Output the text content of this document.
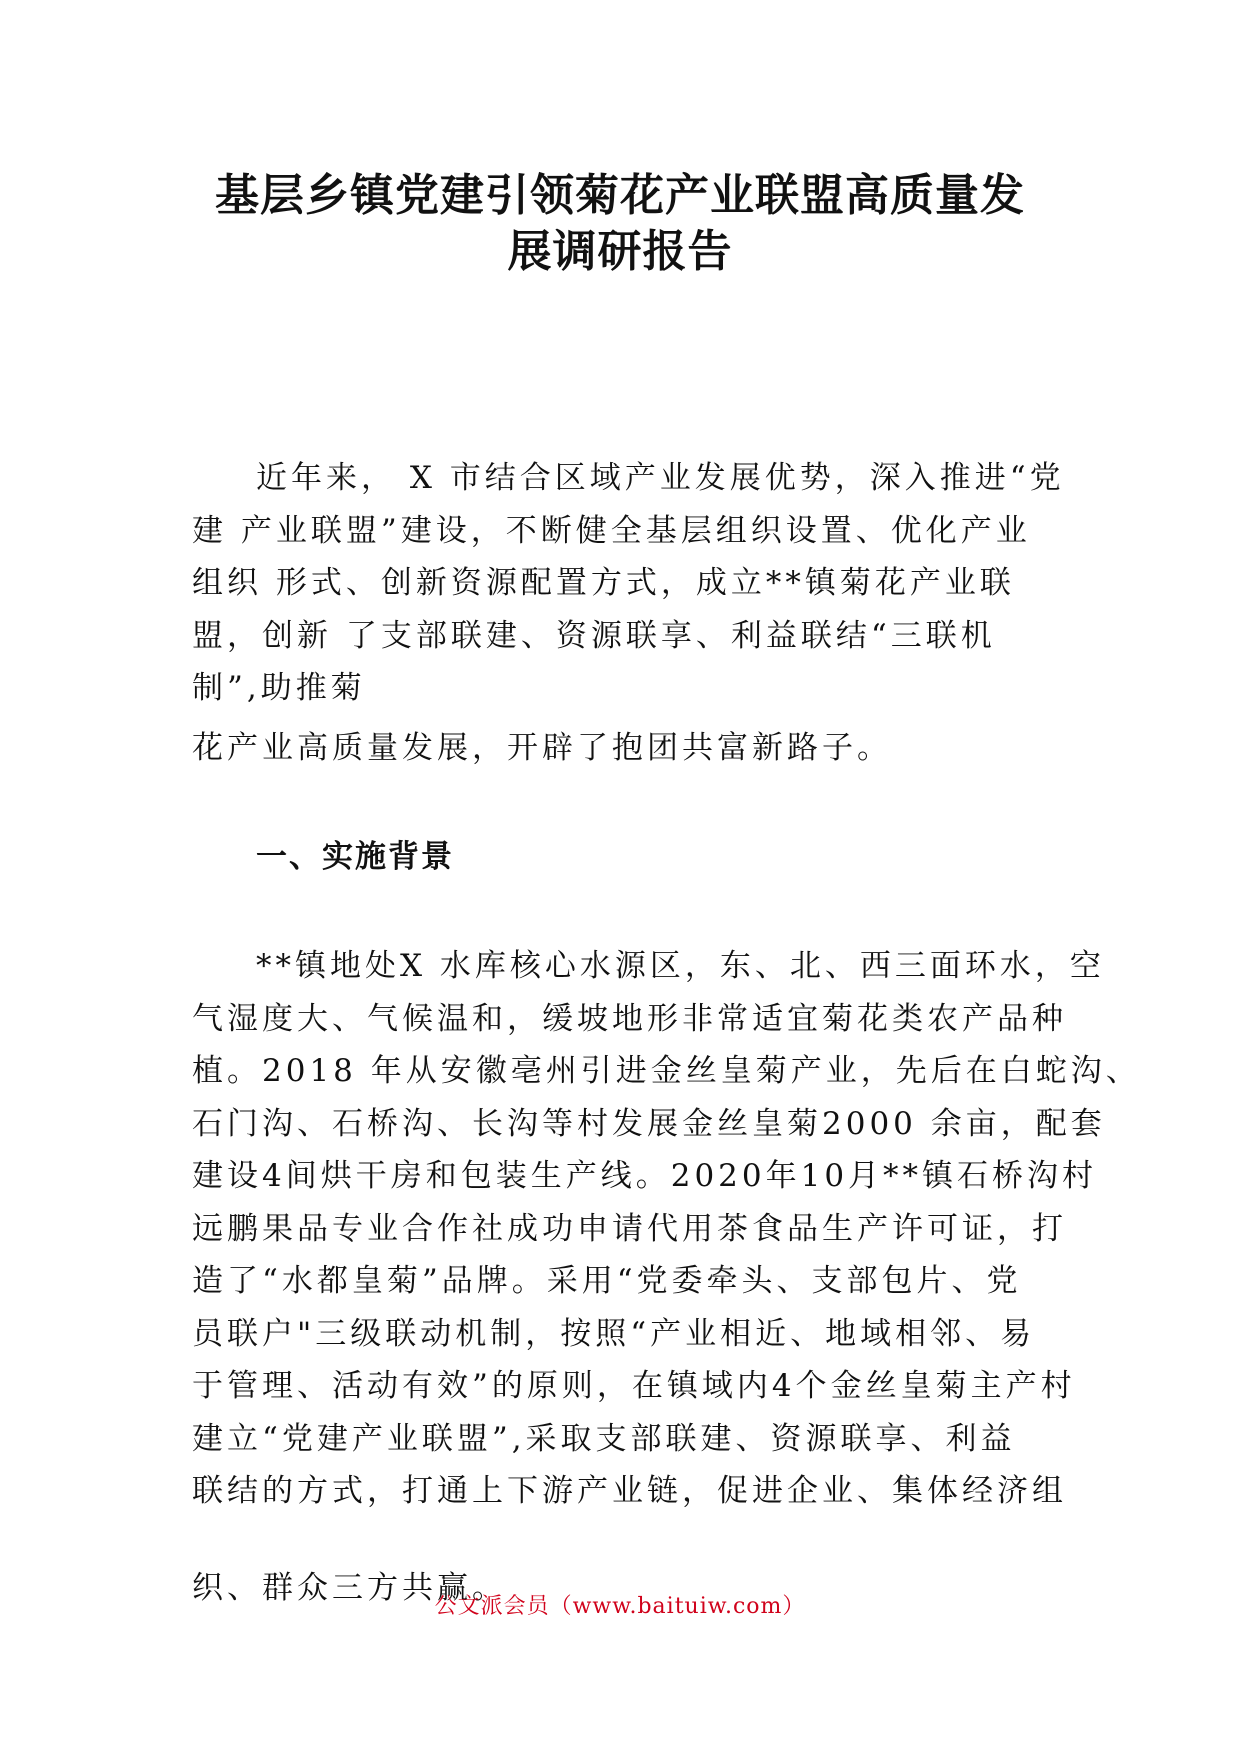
基层乡镇党建引领菊花产业联盟高质量发
展调研报告
近年来， X 市结合区域产业发展优势，深入推进“党
建 产业联盟”建设，不断健全基层组织设置、优化产业
组织 形式、创新资源配置方式，成立**镇菊花产业联
盟，创新 了支部联建、资源联享、利益联结“三联机
制”,助推菊
花产业高质量发展，开辟了抱团共富新路子。
一、实施背景
**镇地处X 水库核心水源区，东、北、西三面环水，空
气湿度大、气候温和，缓坡地形非常适宜菊花类农产品种
植。2018 年从安徽亳州引进金丝皇菊产业，先后在白蛇沟、
石门沟、石桥沟、长沟等村发展金丝皇菊2000 余亩，配套
建设4间烘干房和包装生产线。2020年10月**镇石桥沟村
远鹏果品专业合作社成功申请代用茶食品生产许可证，打
造了“水都皇菊”品牌。采用“党委牵头、支部包片、党
员联户"三级联动机制，按照“产业相近、地域相邻、易
于管理、活动有效”的原则，在镇域内4个金丝皇菊主产村
建立“党建产业联盟”,采取支部联建、资源联享、利益
联结的方式，打通上下游产业链，促进企业、集体经济组
织、群众三方共赢。
公文派会员（www.baituiw.com）
